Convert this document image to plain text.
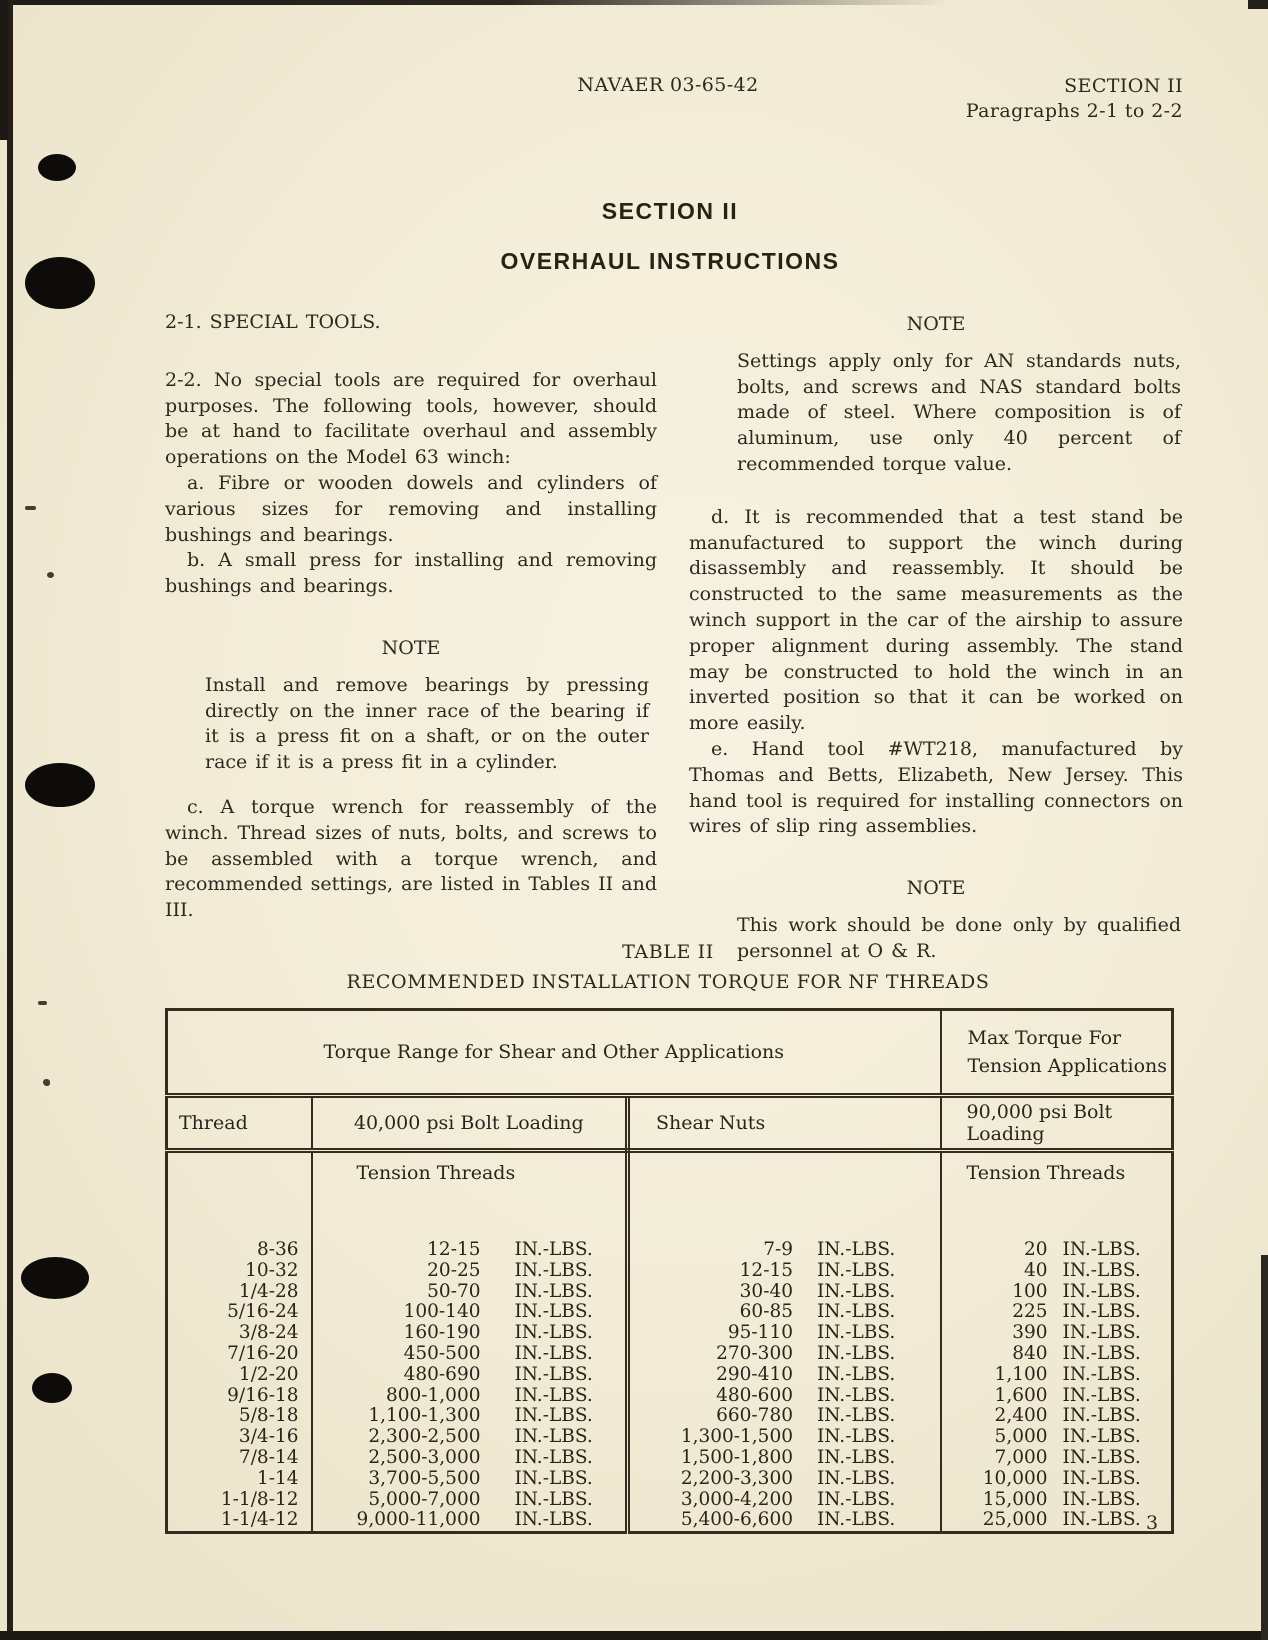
NAVAER 03-65-42	SECTION II
Paragraphs 2-1 to 2-2
SECTION II
OVERHAUL INSTRUCTIONS

2-1. SPECIAL TOOLS.

2-2. No special tools are required for overhaul purposes. The following tools, however, should be at hand to facilitate overhaul and assembly operations on the Model 63 winch:

a. Fibre or wooden dowels and cylinders of various sizes for removing and installing bushings and bearings.

b. A small press for installing and removing bushings and bearings.

NOTE

Install and remove bearings by pressing directly on the inner race of the bearing if it is a press fit on a shaft, or on the outer race if it is a press fit in a cylinder.

c. A torque wrench for reassembly of the winch. Thread sizes of nuts, bolts, and screws to be assembled with a torque wrench, and recommended settings, are listed in Tables II and III.

NOTE

Settings apply only for AN standards nuts, bolts, and screws and NAS standard bolts made of steel. Where composition is of aluminum, use only 40 percent of recommended torque value.

d. It is recommended that a test stand be manufactured to support the winch during disassembly and reassembly. It should be constructed to the same measurements as the winch support in the car of the airship to assure proper alignment during assembly. The stand may be constructed to hold the winch in an inverted position so that it can be worked on more easily.

e. Hand tool #WT218, manufactured by Thomas and Betts, Elizabeth, New Jersey. This hand tool is required for installing connectors on wires of slip ring assemblies.

NOTE

This work should be done only by qualified personnel at O & R.

TABLE II
RECOMMENDED INSTALLATION TORQUE FOR NF THREADS
Torque Range for Shear and Other Applications			Max Torque For
Tension Applications

Thread	40,000 psi Bolt Loading	Shear Nuts	90,000 psi Bolt Loading
	Tension Threads		Tension Threads
8-36	12-15 IN.-LBS.	7-9 IN.-LBS.	20 IN.-LBS.

10-32	20-25 IN.-LBS.	12-15 IN.-LBS.	40 IN.-LBS.

1/4-28	50-70 IN.-LBS.	30-40 IN.-LBS.	100 IN.-LBS.

5/16-24	100-140 IN.-LBS.	60-85 IN.-LBS.	225 IN.-LBS.

3/8-24	160-190 IN.-LBS.	95-110 IN.-LBS.	390 IN.-LBS.

7/16-20	450-500 IN.-LBS.	270-300 IN.-LBS.	840 IN.-LBS.

1/2-20	480-690 IN.-LBS.	290-410 IN.-LBS.	1,100 IN.-LBS.

9/16-18	800-1,000 IN.-LBS.	480-600 IN.-LBS.	1,600 IN.-LBS.

5/8-18	1,100-1,300 IN.-LBS.	660-780 IN.-LBS.	2,400 IN.-LBS.

3/4-16	2,300-2,500 IN.-LBS.	1,300-1,500 IN.-LBS.	5,000 IN.-LBS.

7/8-14	2,500-3,000 IN.-LBS.	1,500-1,800 IN.-LBS.	7,000 IN.-LBS.

1-14	3,700-5,500 IN.-LBS.	2,200-3,300 IN.-LBS.	10,000 IN.-LBS.

1-1/8-12	5,000-7,000 IN.-LBS.	3,000-4,200 IN.-LBS.	15,000 IN.-LBS.

1-1/4-12	9,000-11,000 IN.-LBS.	5,400-6,600 IN.-LBS.	25,000 IN.-LBS. 3
